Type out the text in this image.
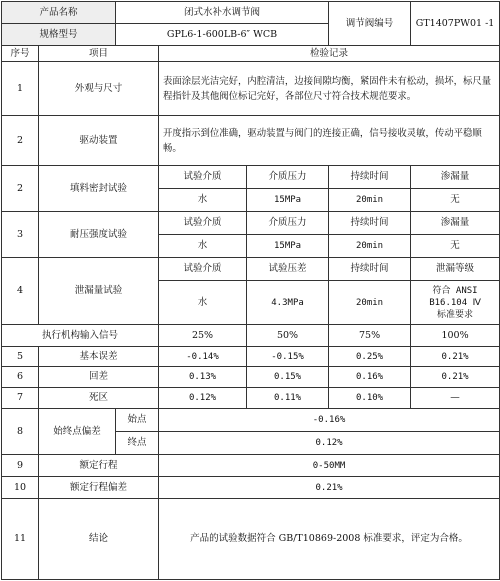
产品名称		闭式水补水调节阀			调节阀编号	GT1407PW01 -1
规格型号		GPL6-1-600LB-6″ WCB				
序号	项目		检验记录			
1	外观与尺寸		表面涂层光洁完好，内腔清洁，边接间隙均衡，紧固件未有松动，损坏，标尺量程指针及其他阀位标记完好，各部位尺寸符合技术规范要求。			
2	驱动装置		开度指示到位准确，驱动装置与阀门的连接正确，信号接收灵敏，传动平稳顺畅。			
2	填料密封试验		试验介质	介质压力	持续时间	渗漏量
			水	15MPa	20min	无
3	耐压强度试验		试验介质	介质压力	持续时间	渗漏量
			水	15MPa	20min	无
4	泄漏量试验		试验介质	试验压差	持续时间	泄漏等级
			水	4.3MPa	20min	符合 ANSI
B16.104 Ⅳ
标准要求

执行机构输入信号			25%	50%	75%	100%
5	基本误差		-0.14%	-0.15%	0.25%	0.21%
6	回差		0.13%	0.15%	0.16%	0.21%
7	死区		0.12%	0.11%	0.10%	—
8	始终点偏差	始点	-0.16%			
		终点	0.12%			
9	额定行程		0-50MM			
10	额定行程偏差		0.21%			
11	结论		产品的试验数据符合 GB/T10869-2008 标准要求，评定为合格。			
